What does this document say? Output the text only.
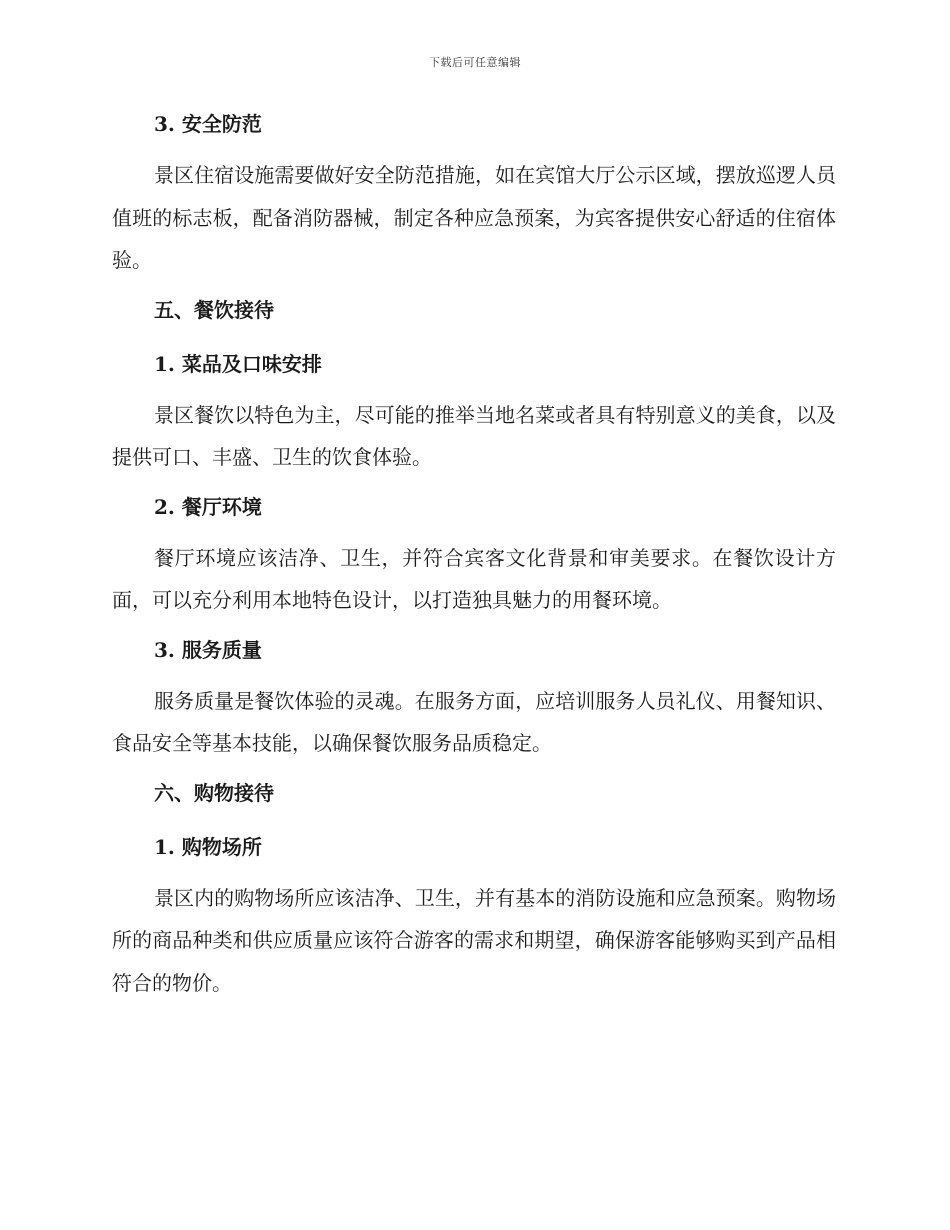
下载后可任意编辑
3. 安全防范

景区住宿设施需要做好安全防范措施，如在宾馆大厅公示区域，摆放巡逻人员值班的标志板，配备消防器械，制定各种应急预案，为宾客提供安心舒适的住宿体验。

五、餐饮接待
1. 菜品及口味安排

景区餐饮以特色为主，尽可能的推举当地名菜或者具有特别意义的美食，以及提供可口、丰盛、卫生的饮食体验。

2. 餐厅环境

餐厅环境应该洁净、卫生，并符合宾客文化背景和审美要求。在餐饮设计方面，可以充分利用本地特色设计，以打造独具魅力的用餐环境。

3. 服务质量

服务质量是餐饮体验的灵魂。在服务方面，应培训服务人员礼仪、用餐知识、食品安全等基本技能，以确保餐饮服务品质稳定。

六、购物接待
1. 购物场所

景区内的购物场所应该洁净、卫生，并有基本的消防设施和应急预案。购物场所的商品种类和供应质量应该符合游客的需求和期望，确保游客能够购买到产品相符合的物价。
